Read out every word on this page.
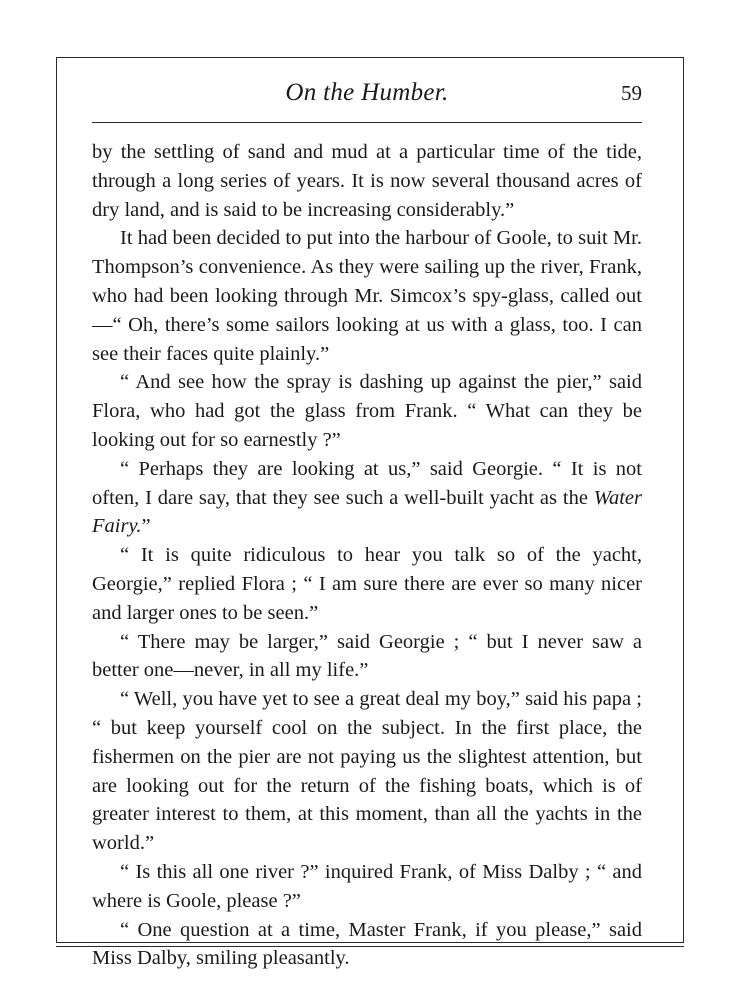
On the Humber.	59

by the settling of sand and mud at a particular time of the tide, through a long series of years. It is now several thousand acres of dry land, and is said to be increasing considerably.”

It had been decided to put into the harbour of Goole, to suit Mr. Thompson’s convenience. As they were sailing up the river, Frank, who had been looking through Mr. Simcox’s spy-glass, called out—“ Oh, there’s some sailors looking at us with a glass, too. I can see their faces quite plainly.”

“ And see how the spray is dashing up against the pier,” said Flora, who had got the glass from Frank. “ What can they be looking out for so earnestly ?”

“ Perhaps they are looking at us,” said Georgie. “ It is not often, I dare say, that they see such a well-built yacht as the Water Fairy.”

“ It is quite ridiculous to hear you talk so of the yacht, Georgie,” replied Flora ; “ I am sure there are ever so many nicer and larger ones to be seen.”

“ There may be larger,” said Georgie ; “ but I never saw a better one—never, in all my life.”

“ Well, you have yet to see a great deal my boy,” said his papa ; “ but keep yourself cool on the subject. In the first place, the fishermen on the pier are not paying us the slightest attention, but are looking out for the return of the fishing boats, which is of greater interest to them, at this moment, than all the yachts in the world.”

“ Is this all one river ?” inquired Frank, of Miss Dalby ; “ and where is Goole, please ?”

“ One question at a time, Master Frank, if you please,” said Miss Dalby, smiling pleasantly.
